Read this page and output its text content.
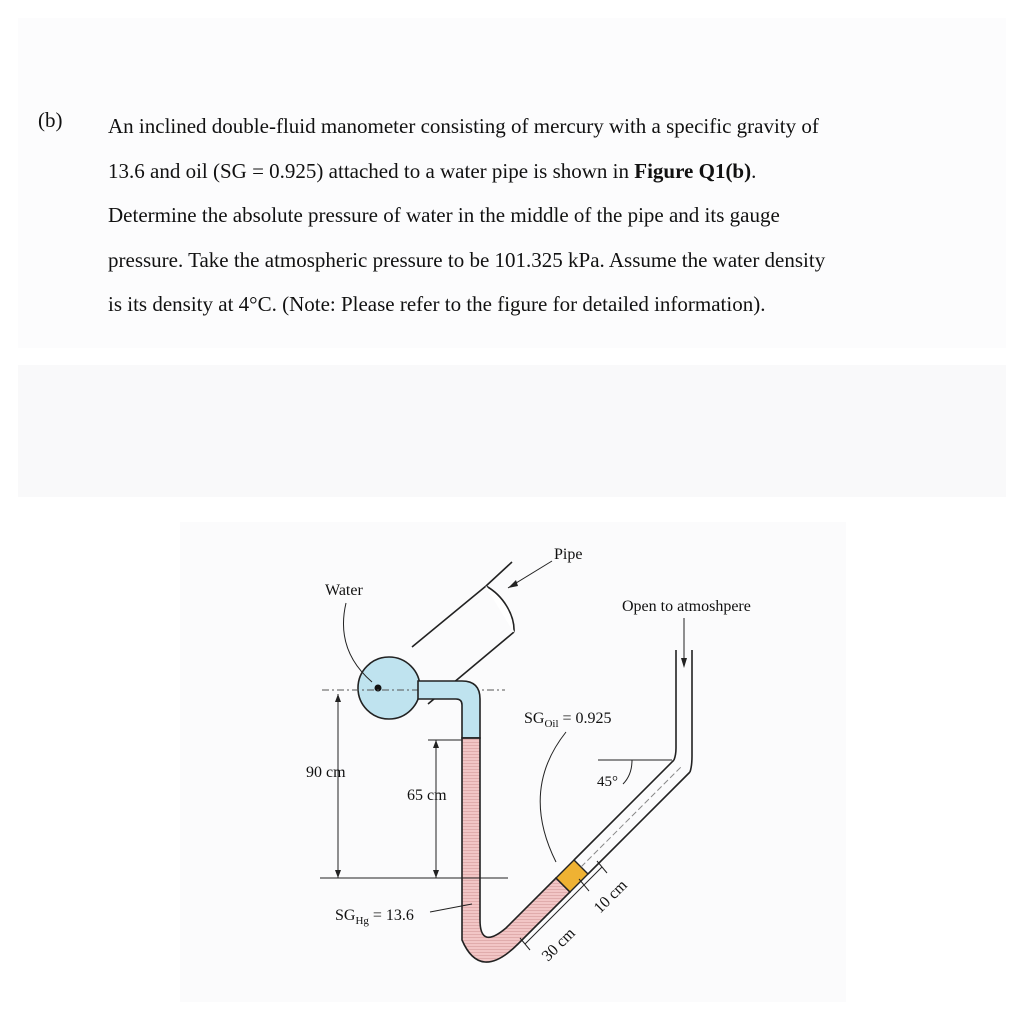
(b) An inclined double-fluid manometer consisting of mercury with a specific gravity of
13.6 and oil (SG = 0.925) attached to a water pipe is shown in Figure Q1(b).
Determine the absolute pressure of water in the middle of the pipe and its gauge
pressure. Take the atmospheric pressure to be 101.325 kPa. Assume the water density
is its density at 4°C. (Note: Please refer to the figure for detailed information).
Pipe
Water
Open to atmoshpere
$SG_{Oil} = 0.925$
45°
90 cm
65 cm
$SG_{Hg} = 13.6$
30 cm
10 cm
